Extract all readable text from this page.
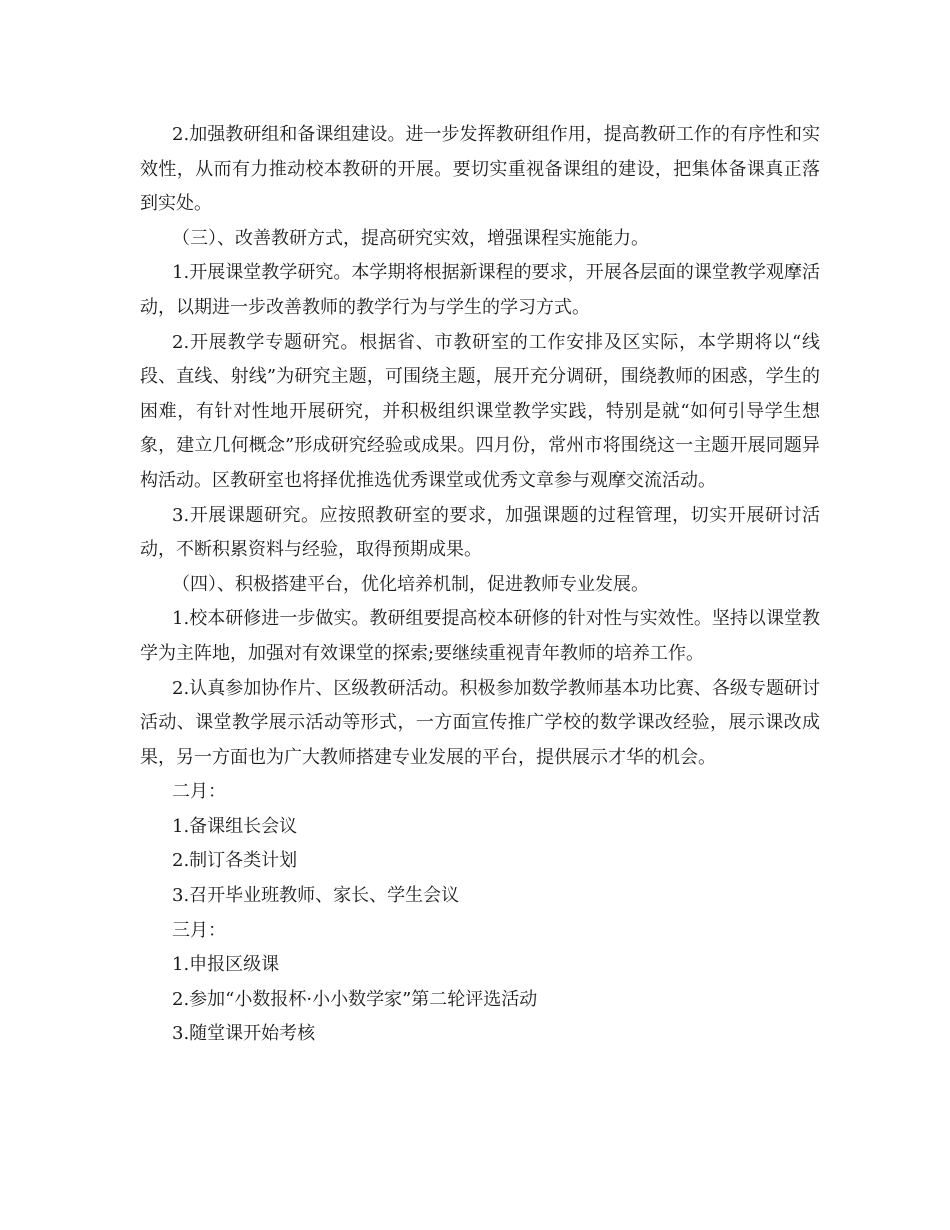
2.加强教研组和备课组建设。进一步发挥教研组作用，提高教研工作的有序性和实效性，从而有力推动校本教研的开展。要切实重视备课组的建设，把集体备课真正落到实处。

（三）、改善教研方式，提高研究实效，增强课程实施能力。

1.开展课堂教学研究。本学期将根据新课程的要求，开展各层面的课堂教学观摩活动，以期进一步改善教师的教学行为与学生的学习方式。

2.开展教学专题研究。根据省、市教研室的工作安排及区实际，本学期将以“线段、直线、射线”为研究主题，可围绕主题，展开充分调研，围绕教师的困惑，学生的困难，有针对性地开展研究，并积极组织课堂教学实践，特别是就“如何引导学生想象，建立几何概念”形成研究经验或成果。四月份，常州市将围绕这一主题开展同题异构活动。区教研室也将择优推选优秀课堂或优秀文章参与观摩交流活动。

3.开展课题研究。应按照教研室的要求，加强课题的过程管理，切实开展研讨活动，不断积累资料与经验，取得预期成果。

（四）、积极搭建平台，优化培养机制，促进教师专业发展。

1.校本研修进一步做实。教研组要提高校本研修的针对性与实效性。坚持以课堂教学为主阵地，加强对有效课堂的探索;要继续重视青年教师的培养工作。

2.认真参加协作片、区级教研活动。积极参加数学教师基本功比赛、各级专题研讨活动、课堂教学展示活动等形式，一方面宣传推广学校的数学课改经验，展示课改成果，另一方面也为广大教师搭建专业发展的平台，提供展示才华的机会。

二月：

1.备课组长会议

2.制订各类计划

3.召开毕业班教师、家长、学生会议

三月：

1.申报区级课

2.参加“小数报杯·小小数学家”第二轮评选活动

3.随堂课开始考核
